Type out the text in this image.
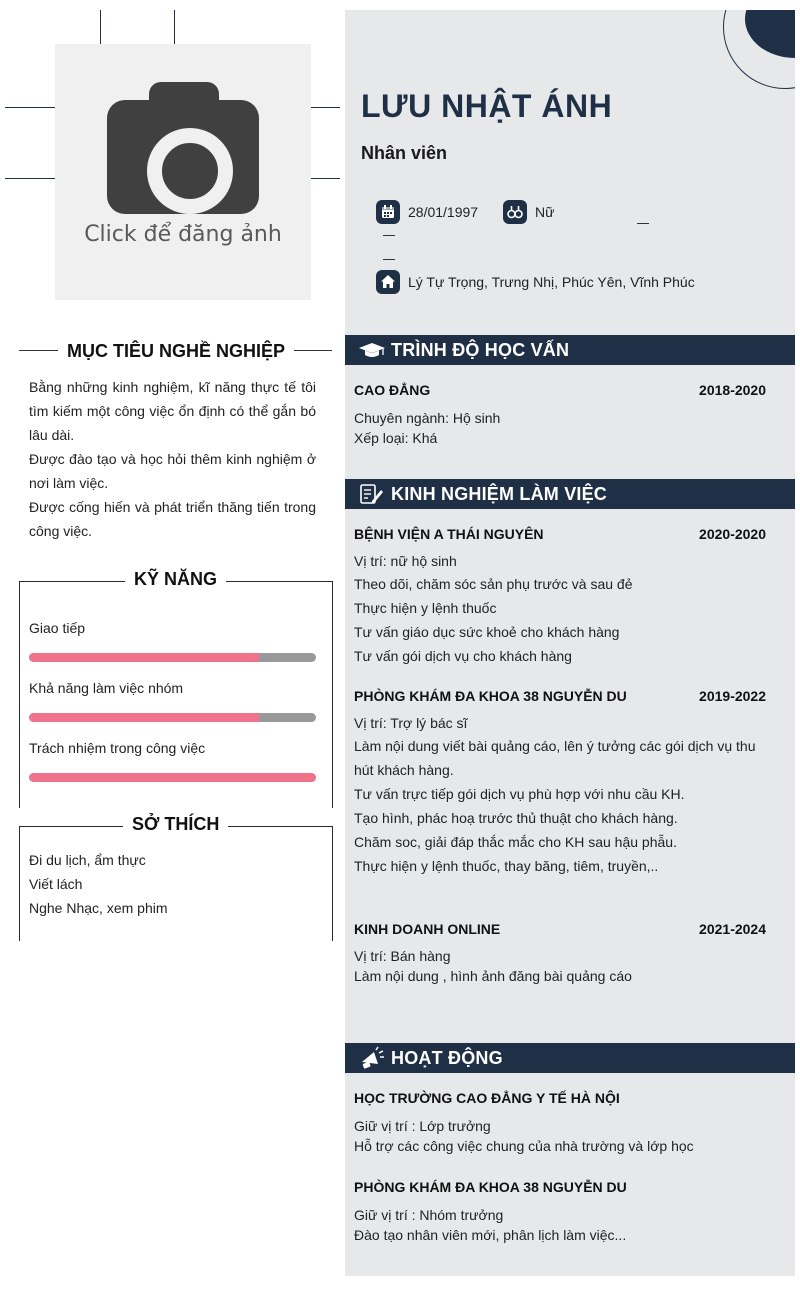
Click để đăng ảnh
MỤC TIÊU NGHỀ NGHIỆP

Bằng những kinh nghiệm, kĩ năng thực tế tôi tìm kiếm một công việc ổn định có thể gắn bó lâu dài.

Được đào tạo và học hỏi thêm kinh nghiệm ở nơi làm việc.

Được cống hiến và phát triển thăng tiến trong công việc.

KỸ NĂNG
Giao tiếp
Khả năng làm việc nhóm
Trách nhiệm trong công việc
SỞ THÍCH

Đi du lịch, ẩm thực

Viết lách

Nghe Nhạc, xem phim

LƯU NHẬT ÁNH
Nhân viên
28/01/1997	Nữ
Lý Tự Trọng, Trưng Nhị, Phúc Yên, Vĩnh Phúc
TRÌNH ĐỘ HỌC VẤN
CAO ĐẲNG	2018-2020

Chuyên ngành: Hộ sinh

Xếp loại: Khá

KINH NGHIỆM LÀM VIỆC
BỆNH VIỆN A THÁI NGUYÊN	2020-2020

Vị trí: nữ hộ sinh

Theo dõi, chăm sóc sản phụ trước và sau đẻ

Thực hiện y lệnh thuốc

Tư vấn giáo dục sức khoẻ cho khách hàng

Tư vấn gói dịch vụ cho khách hàng

PHÒNG KHÁM ĐA KHOA 38 NGUYỄN DU	2019-2022

Vị trí: Trợ lý bác sĩ

Làm nội dung viết bài quảng cáo, lên ý tưởng các gói dịch vụ thu hút khách hàng.

Tư vấn trực tiếp gói dịch vụ phù hợp với nhu cầu KH.

Tạo hình, phác hoạ trước thủ thuật cho khách hàng.

Chăm soc, giải đáp thắc mắc cho KH sau hậu phẫu.

Thực hiện y lệnh thuốc, thay băng, tiêm, truyền,..

KINH DOANH ONLINE	2021-2024

Vị trí: Bán hàng

Làm nội dung , hình ảnh đăng bài quảng cáo

HOẠT ĐỘNG
HỌC TRƯỜNG CAO ĐẲNG Y TẾ HÀ NỘI

Giữ vị trí : Lớp trưởng

Hỗ trợ các công việc chung của nhà trường và lớp học

PHÒNG KHÁM ĐA KHOA 38 NGUYỄN DU

Giữ vị trí : Nhóm trưởng

Đào tạo nhân viên mới, phân lịch làm việc...
